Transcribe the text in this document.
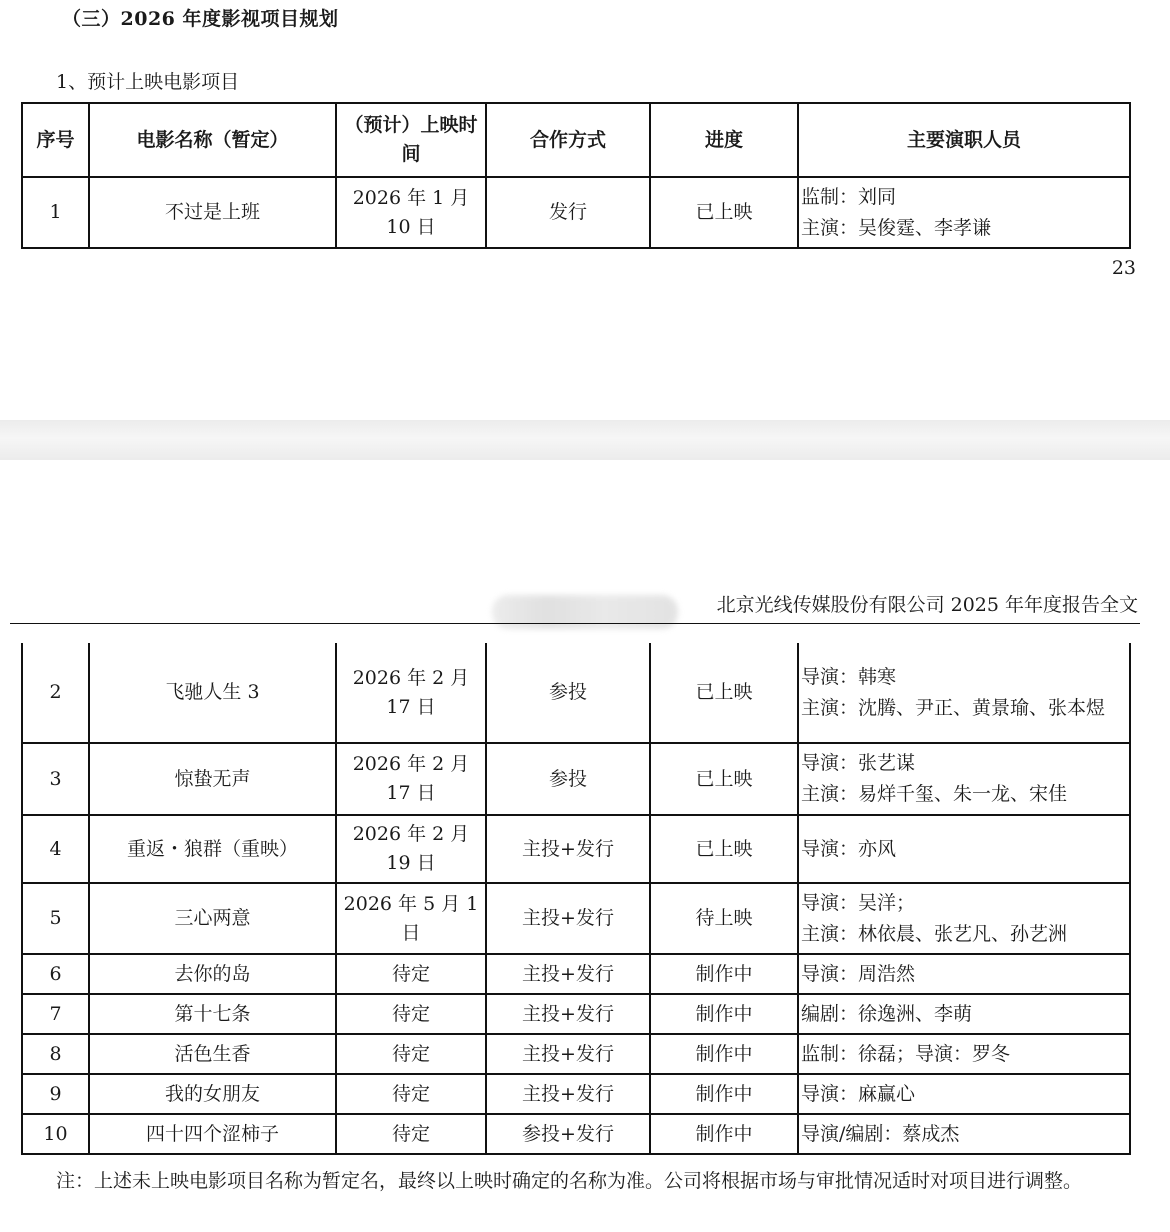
（三）2026 年度影视项目规划
1、预计上映电影项目
序号	电影名称（暂定）	（预计）上映时间	合作方式	进度	主要演职人员
1	不过是上班	2026 年 1 月 10 日	发行	已上映	监制：刘同
主演：吴俊霆、李孝谦
23
北京光线传媒股份有限公司 2025 年年度报告全文
2	飞驰人生 3	2026 年 2 月 17 日	参投	已上映	导演：韩寒
主演：沈腾、尹正、黄景瑜、张本煜

3	惊蛰无声	2026 年 2 月 17 日	参投	已上映	导演：张艺谋
主演：易烊千玺、朱一龙、宋佳

4	重返・狼群（重映）	2026 年 2 月 19 日	主投+发行	已上映	导演：亦风

5	三心两意	2026 年 5 月 1 日	主投+发行	待上映	导演：吴洋；
主演：林依晨、张艺凡、孙艺洲

6	去你的岛	待定	主投+发行	制作中	导演：周浩然

7	第十七条	待定	主投+发行	制作中	编剧：徐逸洲、李萌

8	活色生香	待定	主投+发行	制作中	监制：徐磊；导演：罗冬

9	我的女朋友	待定	主投+发行	制作中	导演：麻赢心

10	四十四个涩柿子	待定	参投+发行	制作中	导演/编剧：蔡成杰
注：上述未上映电影项目名称为暂定名，最终以上映时确定的名称为准。公司将根据市场与审批情况适时对项目进行调整。
